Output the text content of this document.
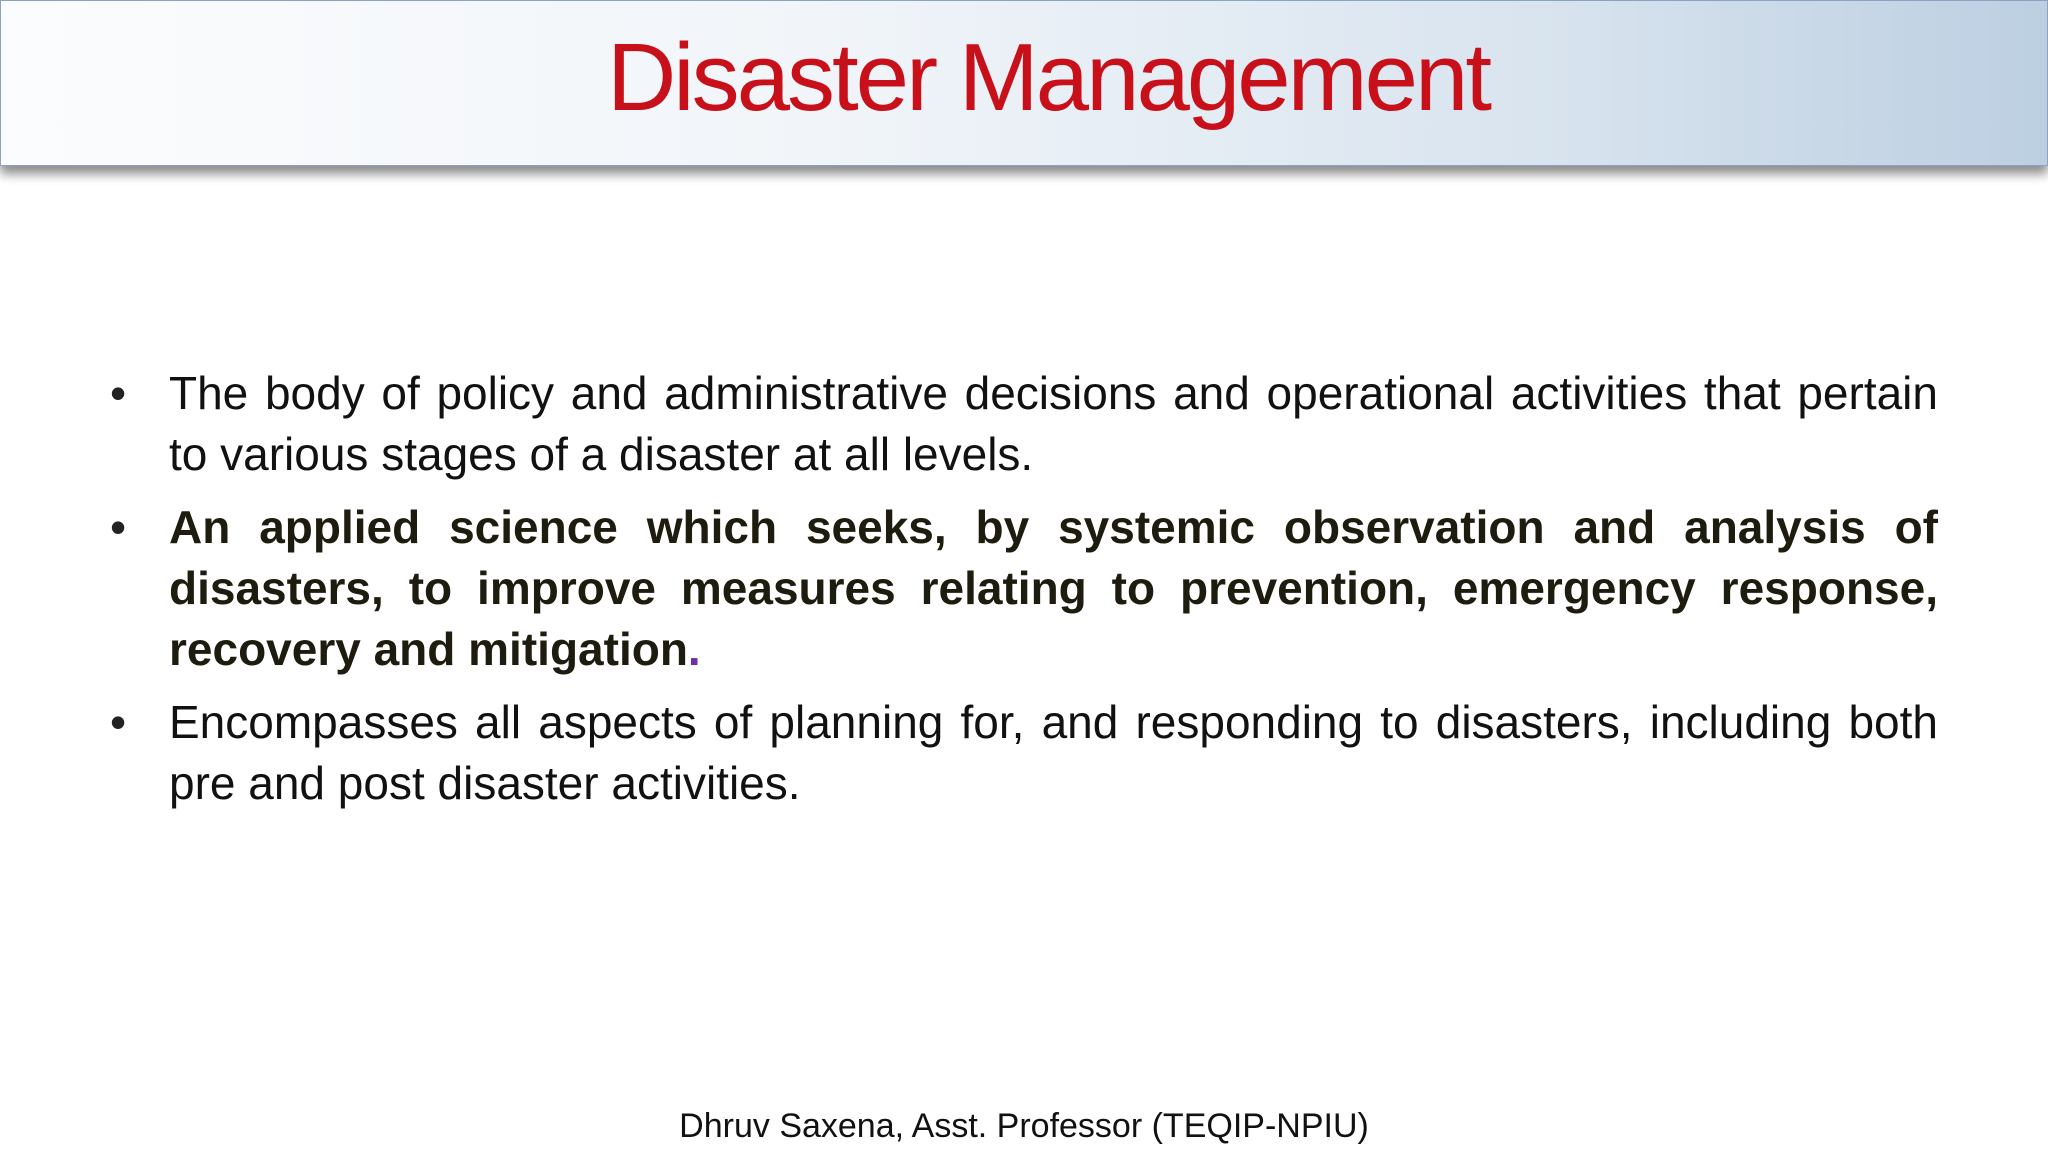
Disaster Management
• The body of policy and administrative decisions and operational activities that pertain to various stages of a disaster at all levels.
• An applied science which seeks, by systemic observation and analysis of disasters, to improve measures relating to prevention, emergency response, recovery and mitigation.
• Encompasses all aspects of planning for, and responding to disasters, including both pre and post disaster activities.
Dhruv Saxena, Asst. Professor (TEQIP-NPIU)
